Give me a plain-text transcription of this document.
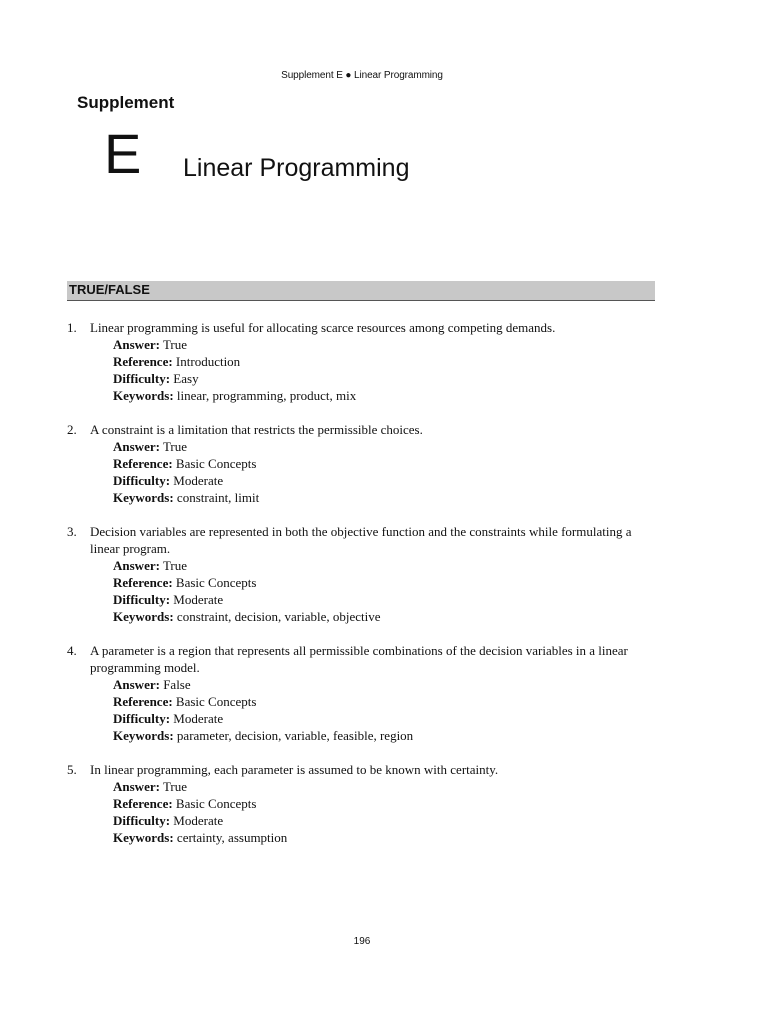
Supplement E ● Linear Programming
Supplement
E Linear Programming
TRUE/FALSE
1.	Linear programming is useful for allocating scarce resources among competing demands.
Answer: True
Reference: Introduction
Difficulty: Easy
Keywords: linear, programming, product, mix
2.	A constraint is a limitation that restricts the permissible choices.
Answer: True
Reference: Basic Concepts
Difficulty: Moderate
Keywords: constraint, limit
3.	Decision variables are represented in both the objective function and the constraints while formulating a linear program.
Answer: True
Reference: Basic Concepts
Difficulty: Moderate
Keywords: constraint, decision, variable, objective
4.	A parameter is a region that represents all permissible combinations of the decision variables in a linear programming model.
Answer: False
Reference: Basic Concepts
Difficulty: Moderate
Keywords: parameter, decision, variable, feasible, region
5.	In linear programming, each parameter is assumed to be known with certainty.
Answer: True
Reference: Basic Concepts
Difficulty: Moderate
Keywords: certainty, assumption
196
